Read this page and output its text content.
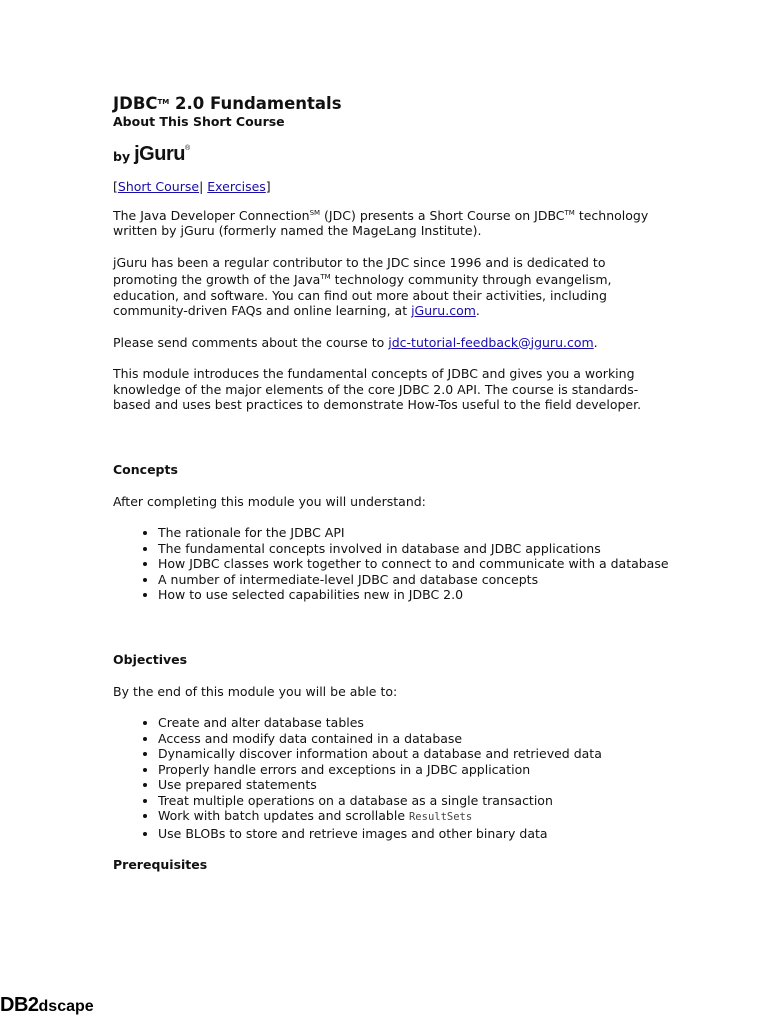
JDBC™ 2.0 Fundamentals
About This Short Course
by jGuru®

[Short Course| Exercises]

The Java Developer Connection℠ (JDC) presents a Short Course on JDBC™ technology written by jGuru (formerly named the MageLang Institute).

jGuru has been a regular contributor to the JDC since 1996 and is dedicated to promoting the growth of the Java™ technology community through evangelism, education, and software. You can find out more about their activities, including community-driven FAQs and online learning, at jGuru.com.

Please send comments about the course to jdc-tutorial-feedback@jguru.com.

This module introduces the fundamental concepts of JDBC and gives you a working knowledge of the major elements of the core JDBC 2.0 API. The course is standards-based and uses best practices to demonstrate How-Tos useful to the field developer.

Concepts

After completing this module you will understand:

• The rationale for the JDBC API
• The fundamental concepts involved in database and JDBC applications
• How JDBC classes work together to connect to and communicate with a database
• A number of intermediate-level JDBC and database concepts
• How to use selected capabilities new in JDBC 2.0
Objectives

By the end of this module you will be able to:

• Create and alter database tables
• Access and modify data contained in a database
• Dynamically discover information about a database and retrieved data
• Properly handle errors and exceptions in a JDBC application
• Use prepared statements
• Treat multiple operations on a database as a single transaction
• Work with batch updates and scrollable ResultSets
• Use BLOBs to store and retrieve images and other binary data
Prerequisites
DB2dscape
